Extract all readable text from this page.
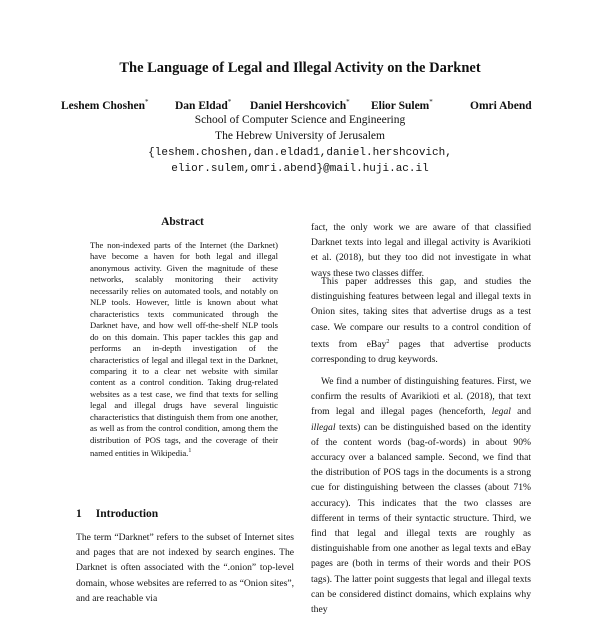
The Language of Legal and Illegal Activity on the Darknet
Leshem Choshen* Dan Eldad* Daniel Hershcovich* Elior Sulem*	Omri Abend
School of Computer Science and Engineering
The Hebrew University of Jerusalem
{leshem.choshen,dan.eldad1,daniel.hershcovich,
elior.sulem,omri.abend}@mail.huji.ac.il
Abstract

The non-indexed parts of the Internet (the Darknet) have become a haven for both legal and illegal anonymous activity. Given the magnitude of these networks, scalably monitoring their activity necessarily relies on automated tools, and notably on NLP tools. However, little is known about what characteristics texts communicated through the Darknet have, and how well off-the-shelf NLP tools do on this domain. This paper tackles this gap and performs an in-depth investigation of the characteristics of legal and illegal text in the Darknet, comparing it to a clear net website with similar content as a control condition. Taking drug-related websites as a test case, we find that texts for selling legal and illegal drugs have several linguistic characteristics that distinguish them from one another, as well as from the control condition, among them the distribution of POS tags, and the coverage of their named entities in Wikipedia.$^1$

1 Introduction

The term “Darknet” refers to the subset of Internet sites and pages that are not indexed by search engines. The Darknet is often associated with the “.onion” top-level domain, whose websites are referred to as “Onion sites”, and are reachable via

fact, the only work we are aware of that classified Darknet texts into legal and illegal activity is Avarikioti et al. (2018), but they too did not investigate in what ways these two classes differ.

This paper addresses this gap, and studies the distinguishing features between legal and illegal texts in Onion sites, taking sites that advertise drugs as a test case. We compare our results to a control condition of texts from eBay$^2$ pages that advertise products corresponding to drug keywords.

We find a number of distinguishing features. First, we confirm the results of Avarikioti et al. (2018), that text from legal and illegal pages (henceforth, legal and illegal texts) can be distinguished based on the identity of the content words (bag-of-words) in about 90% accuracy over a balanced sample. Second, we find that the distribution of POS tags in the documents is a strong cue for distinguishing between the classes (about 71% accuracy). This indicates that the two classes are different in terms of their syntactic structure. Third, we find that legal and illegal texts are roughly as distinguishable from one another as legal texts and eBay pages are (both in terms of their words and their POS tags). The latter point suggests that legal and illegal texts can be considered distinct domains, which explains why they
